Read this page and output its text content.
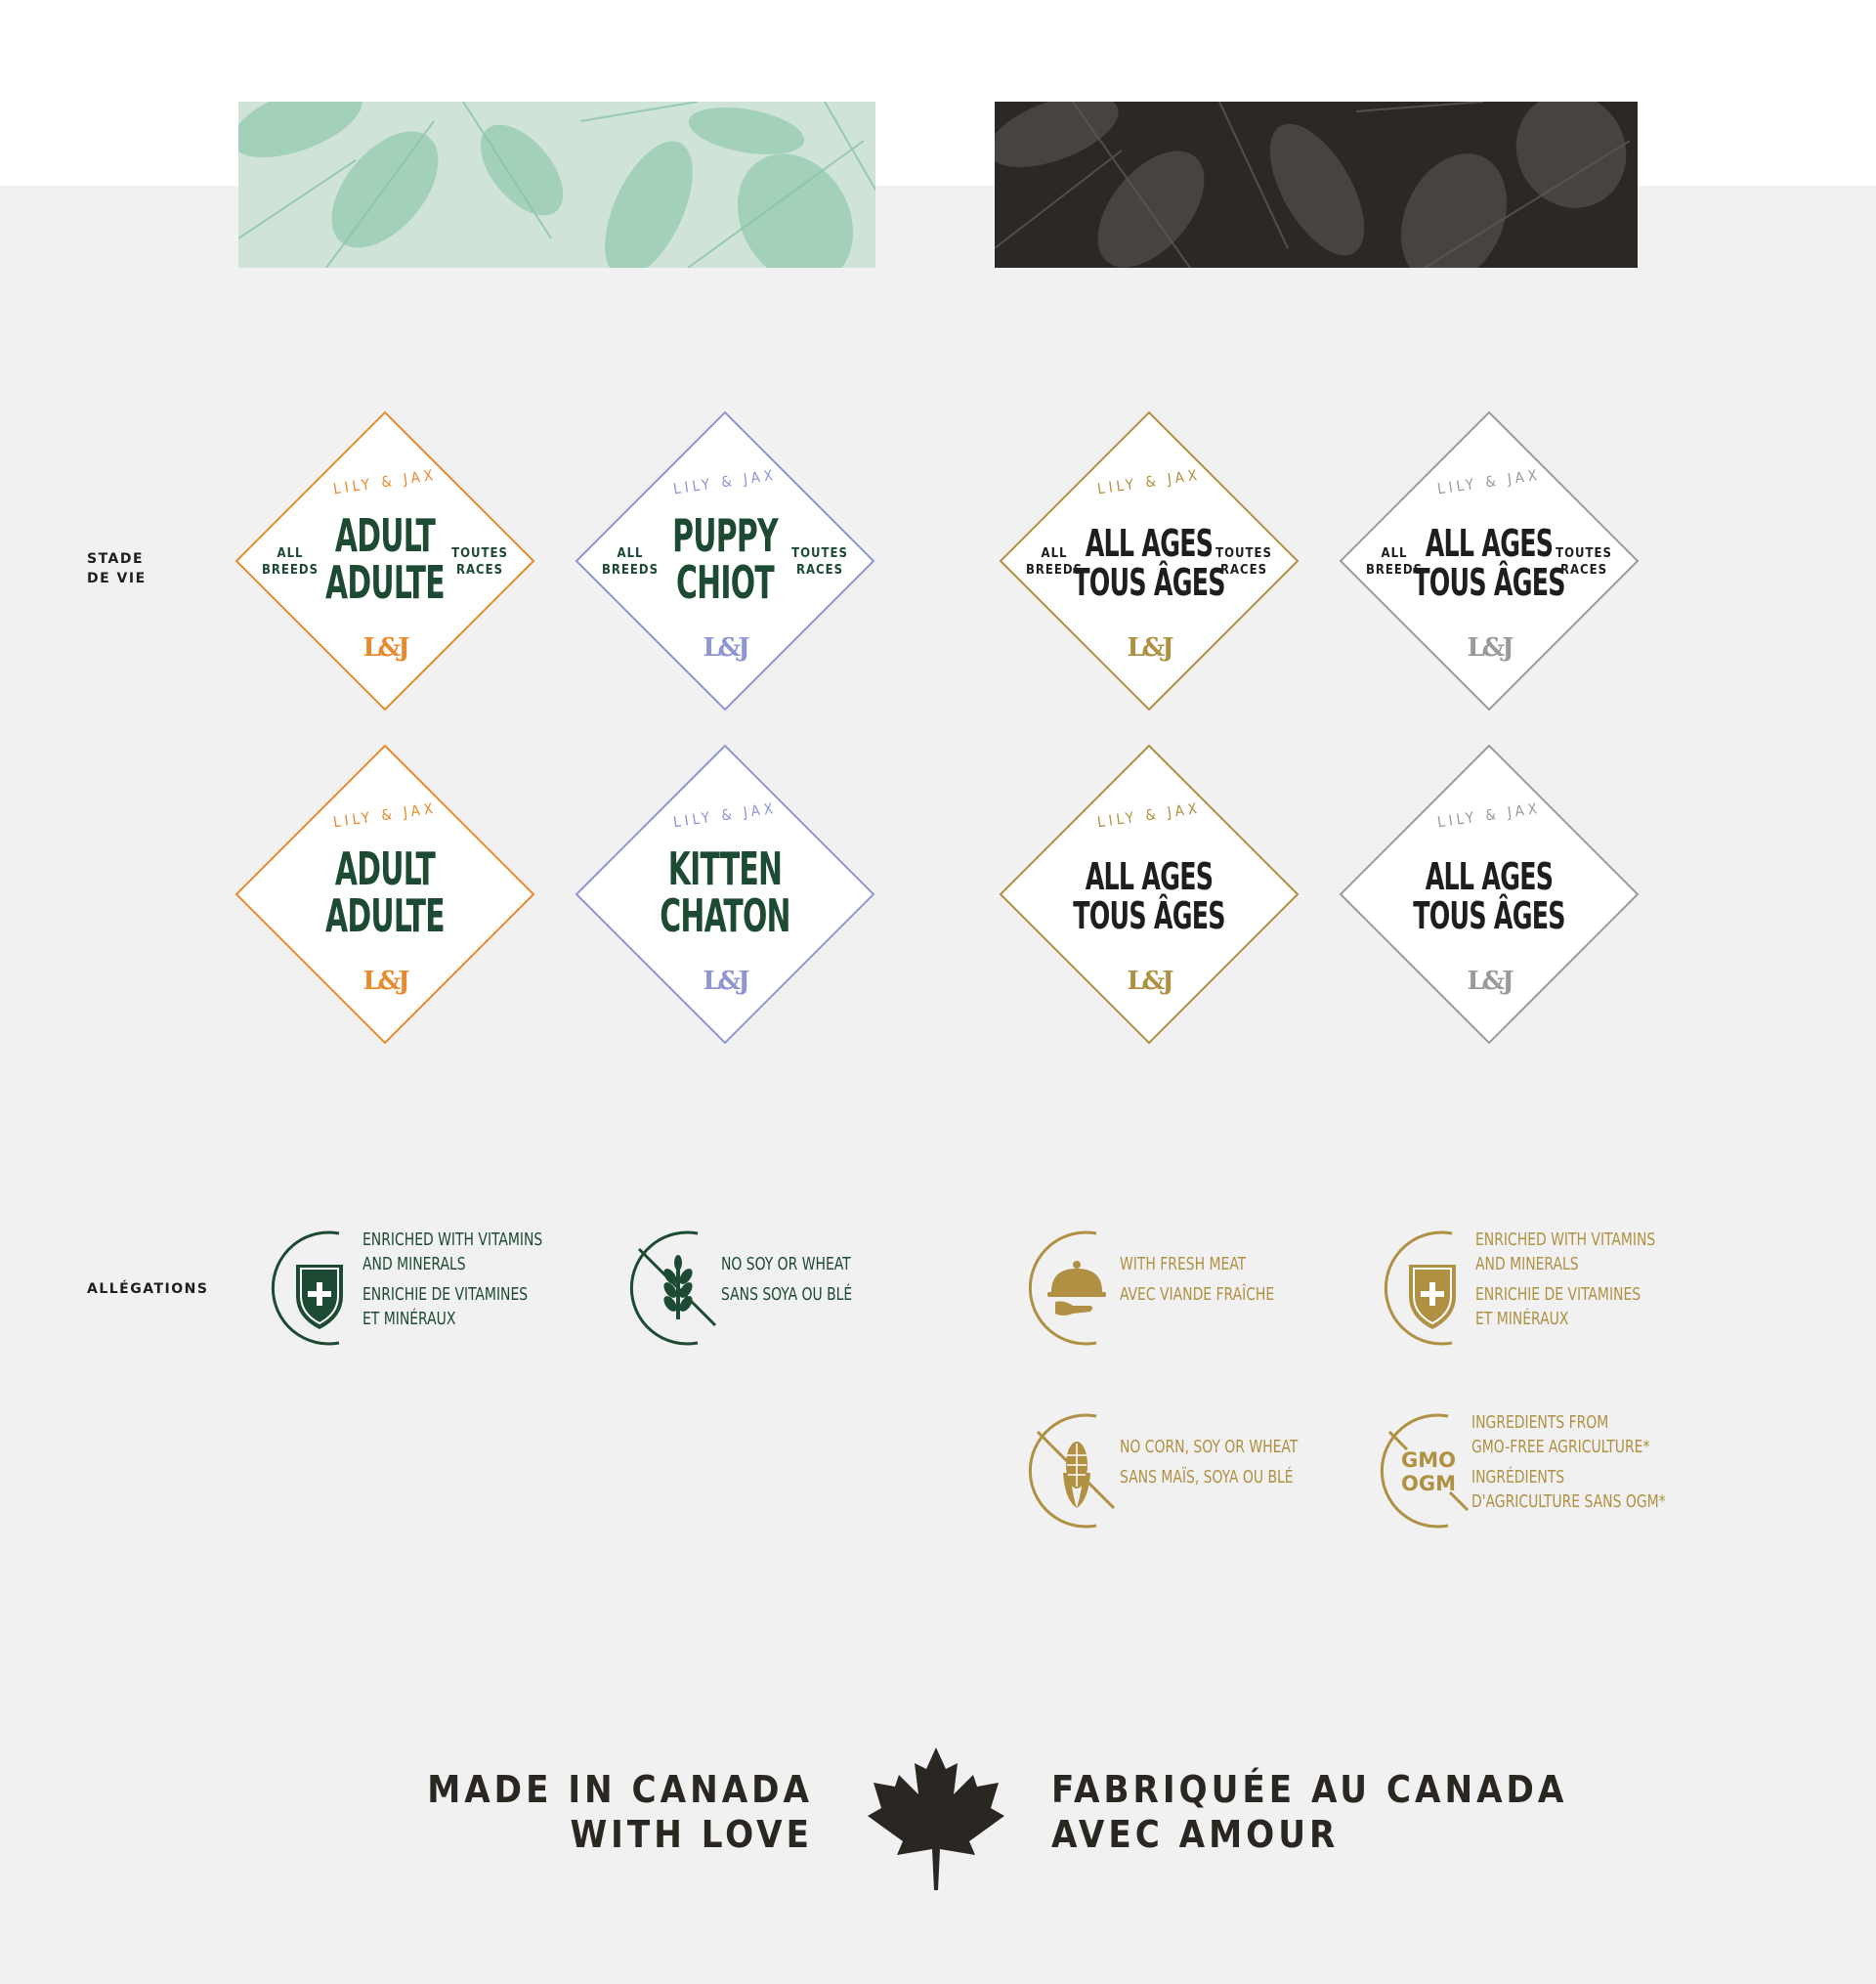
STADE
DE VIE
ALLÉGATIONS
LILY & JAX
ADULT
ADULTE
ALL
BREEDS
TOUTES
RACES
L&J
LILY & JAX
PUPPY
CHIOT
ALL
BREEDS
TOUTES
RACES
L&J
LILY & JAX
ALL AGES
TOUS ÂGES
ALL
BREEDS
TOUTES
RACES
L&J
LILY & JAX
ALL AGES
TOUS ÂGES
ALL
BREEDS
TOUTES
RACES
L&J
LILY & JAX
ADULT
ADULTE
L&J
LILY & JAX
KITTEN
CHATON
L&J
LILY & JAX
ALL AGES
TOUS ÂGES
L&J
LILY & JAX
ALL AGES
TOUS ÂGES
L&J
ENRICHED WITH VITAMINS
AND MINERALS
ENRICHIE DE VITAMINES
ET MINÉRAUX
NO SOY OR WHEAT
SANS SOYA OU BLÉ
WITH FRESH MEAT
AVEC VIANDE FRAÎCHE
ENRICHED WITH VITAMINS
AND MINERALS
ENRICHIE DE VITAMINES
ET MINÉRAUX
NO CORN, SOY OR WHEAT
SANS MAÏS, SOYA OU BLÉ
GMO
OGM
INGREDIENTS FROM
GMO-FREE AGRICULTURE*
INGRÉDIENTS
D'AGRICULTURE SANS OGM*
MADE IN CANADA
WITH LOVE
FABRIQUÉE AU CANADA
AVEC AMOUR
